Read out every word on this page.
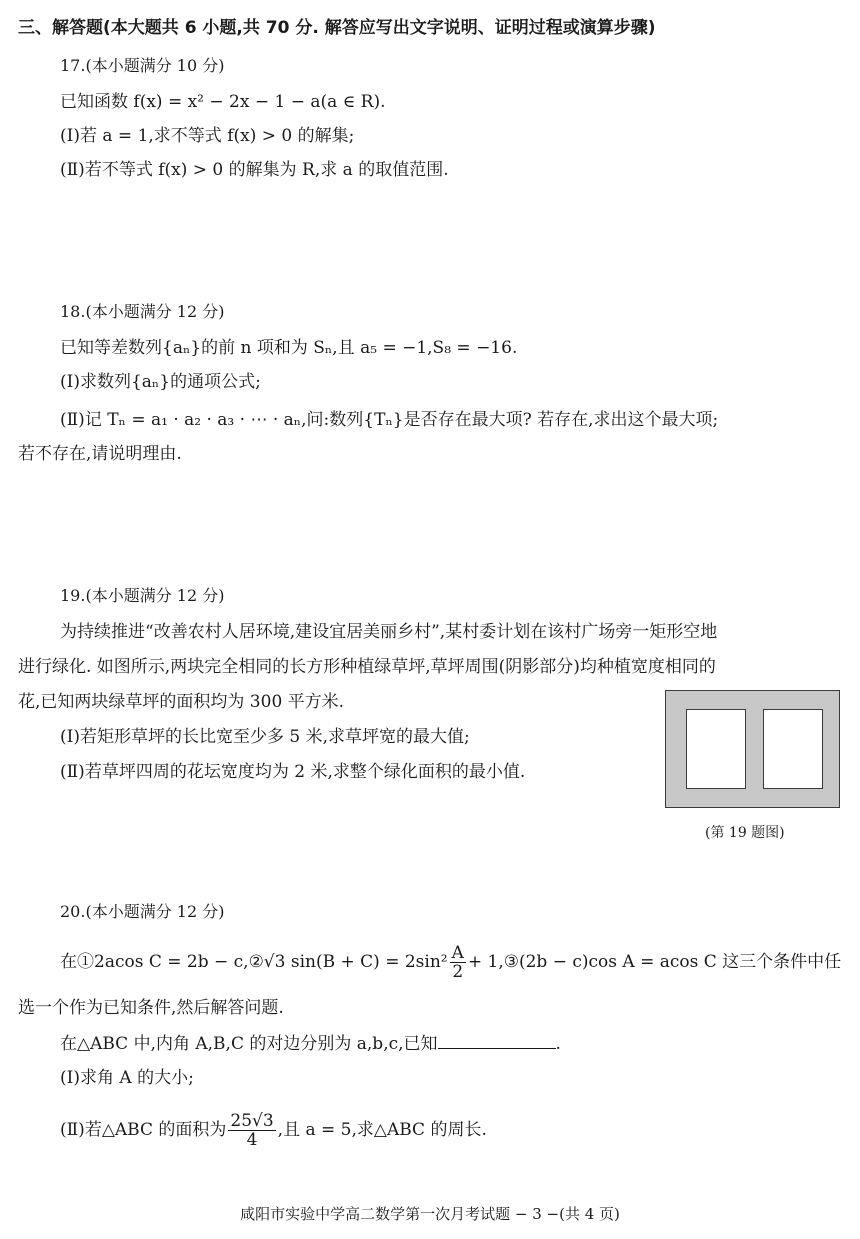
三、解答题(本大题共 6 小题,共 70 分. 解答应写出文字说明、证明过程或演算步骤)
17.(本小题满分 10 分)
已知函数 f(x) = x² − 2x − 1 − a(a ∈ R).
(Ⅰ)若 a = 1,求不等式 f(x) > 0 的解集;
(Ⅱ)若不等式 f(x) > 0 的解集为 R,求 a 的取值范围.
18.(本小题满分 12 分)
已知等差数列{aₙ}的前 n 项和为 Sₙ,且 a₅ = −1,S₈ = −16.
(Ⅰ)求数列{aₙ}的通项公式;
(Ⅱ)记 Tₙ = a₁ · a₂ · a₃ · ⋯ · aₙ,问:数列{Tₙ}是否存在最大项? 若存在,求出这个最大项;
若不存在,请说明理由.
19.(本小题满分 12 分)
为持续推进“改善农村人居环境,建设宜居美丽乡村”,某村委计划在该村广场旁一矩形空地
进行绿化. 如图所示,两块完全相同的长方形种植绿草坪,草坪周围(阴影部分)均种植宽度相同的
花,已知两块绿草坪的面积均为 300 平方米.
(Ⅰ)若矩形草坪的长比宽至少多 5 米,求草坪宽的最大值;
(Ⅱ)若草坪四周的花坛宽度均为 2 米,求整个绿化面积的最小值.
(第 19 题图)
20.(本小题满分 12 分)
在①2acos C = 2b − c,②√3 $\sin(B + C) = 2\sin^2 \frac{A}{2}$ + 1,③(2b − c)cos A = acos C 这三个条件中任
选一个作为已知条件,然后解答问题.
在△ABC 中,内角 A,B,C 的对边分别为 a,b,c,已知	.
(Ⅰ)求角 A 的大小;
(Ⅱ)若△ABC 的面积为 $\frac{25√3}{4}$ ,且 a = 5,求△ABC 的周长.
咸阳市实验中学高二数学第一次月考试题 − 3 −(共 4 页)
